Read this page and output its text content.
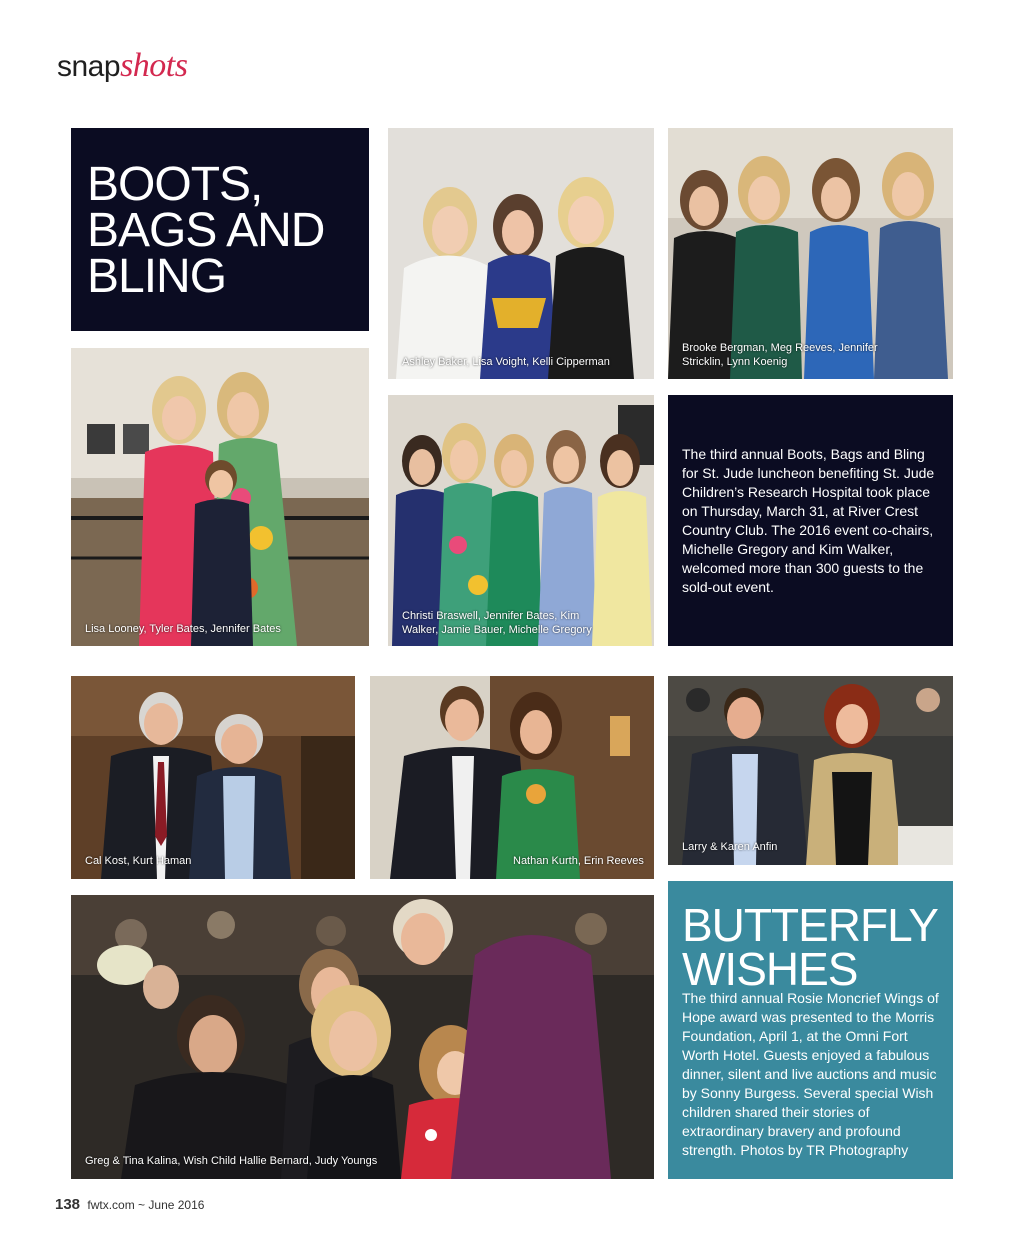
snapshots
BOOTS,
BAGS AND
BLING
Ashley Baker, Lisa Voight, Kelli Cipperman
Brooke Bergman, Meg Reeves, Jennifer
Stricklin, Lynn Koenig
Lisa Looney, Tyler Bates, Jennifer Bates
Christi Braswell, Jennifer Bates, Kim
Walker, Jamie Bauer, Michelle Gregory
The third annual Boots, Bags and Bling for St. Jude luncheon benefiting St. Jude Children’s Research Hospital took place on Thursday, March 31, at River Crest Country Club. The 2016 event co-chairs, Michelle Gregory and Kim Walker, welcomed more than 300 guests to the sold-out event.
Cal Kost, Kurt Haman	Nathan Kurth, Erin Reeves
Larry & Karen Anfin
Greg & Tina Kalina, Wish Child Hallie Bernard, Judy Youngs
BUTTERFLY
WISHES
The third annual Rosie Moncrief Wings of Hope award was presented to the Morris Foundation, April 1, at the Omni Fort Worth Hotel. Guests enjoyed a fabulous dinner, silent and live auctions and music by Sonny Burgess. Several special Wish children shared their stories of extraordinary bravery and profound strength. Photos by TR Photography
138 fwtx.com ~ June 2016
